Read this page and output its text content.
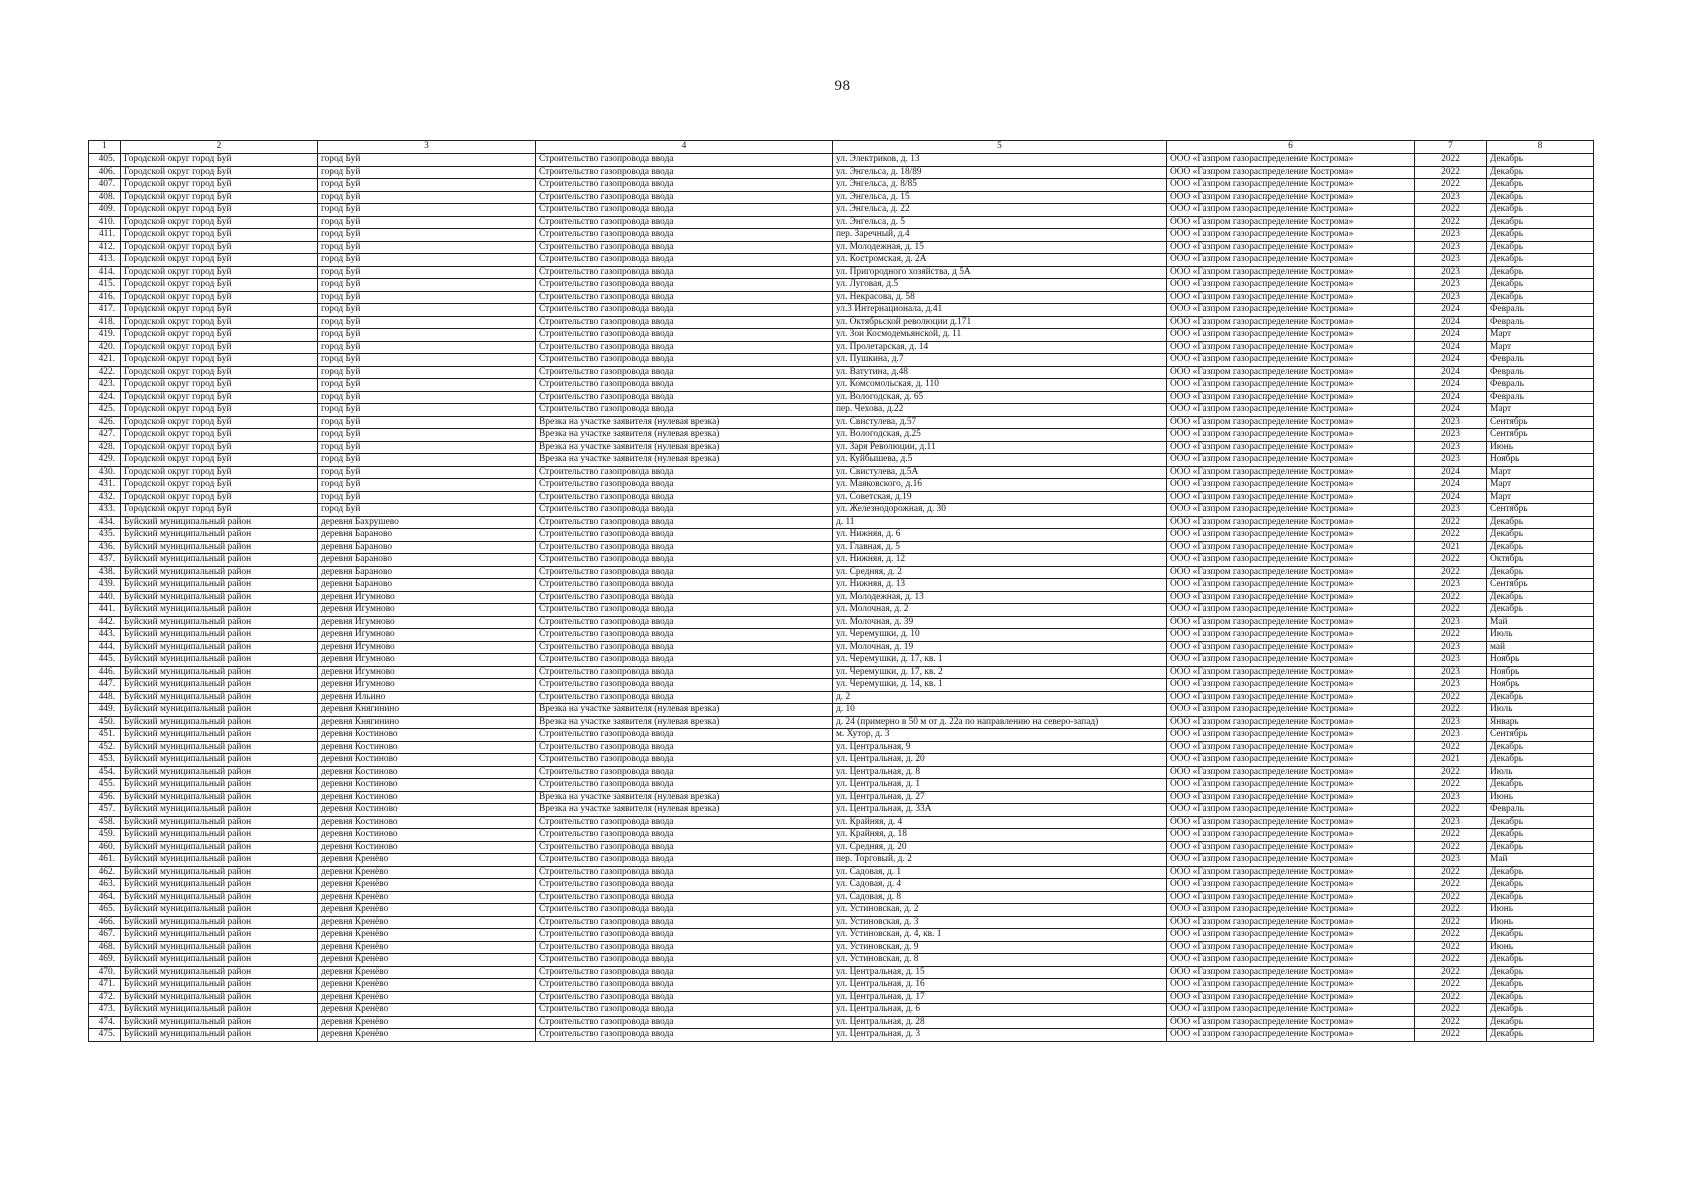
98
1	2	3	4	5	6	7	8
405.	Городской округ город Буй	город Буй	Строительство газопровода ввода	ул. Электриков, д. 13	ООО «Газпром газораспределение Кострома»	2022	Декабрь
406.	Городской округ город Буй	город Буй	Строительство газопровода ввода	ул. Энгельса, д. 18/89	ООО «Газпром газораспределение Кострома»	2022	Декабрь
407.	Городской округ город Буй	город Буй	Строительство газопровода ввода	ул. Энгельса, д. 8/85	ООО «Газпром газораспределение Кострома»	2022	Декабрь
408.	Городской округ город Буй	город Буй	Строительство газопровода ввода	ул. Энгельса, д. 15	ООО «Газпром газораспределение Кострома»	2023	Декабрь
409.	Городской округ город Буй	город Буй	Строительство газопровода ввода	ул. Энгельса, д. 22	ООО «Газпром газораспределение Кострома»	2022	Декабрь
410.	Городской округ город Буй	город Буй	Строительство газопровода ввода	ул. Энгельса, д. 5	ООО «Газпром газораспределение Кострома»	2022	Декабрь
411.	Городской округ город Буй	город Буй	Строительство газопровода ввода	пер. Заречный, д.4	ООО «Газпром газораспределение Кострома»	2023	Декабрь
412.	Городской округ город Буй	город Буй	Строительство газопровода ввода	ул. Молодежная, д. 15	ООО «Газпром газораспределение Кострома»	2023	Декабрь
413.	Городской округ город Буй	город Буй	Строительство газопровода ввода	ул. Костромская, д. 2А	ООО «Газпром газораспределение Кострома»	2023	Декабрь
414.	Городской округ город Буй	город Буй	Строительство газопровода ввода	ул. Пригородного хозяйства, д 5А	ООО «Газпром газораспределение Кострома»	2023	Декабрь
415.	Городской округ город Буй	город Буй	Строительство газопровода ввода	ул. Луговая, д.5	ООО «Газпром газораспределение Кострома»	2023	Декабрь
416.	Городской округ город Буй	город Буй	Строительство газопровода ввода	ул. Некрасова, д. 58	ООО «Газпром газораспределение Кострома»	2023	Декабрь
417.	Городской округ город Буй	город Буй	Строительство газопровода ввода	ул.3 Интернационала, д.41	ООО «Газпром газораспределение Кострома»	2024	Февраль
418.	Городской округ город Буй	город Буй	Строительство газопровода ввода	ул. Октябрьской революции д.171	ООО «Газпром газораспределение Кострома»	2024	Февраль
419.	Городской округ город Буй	город Буй	Строительство газопровода ввода	ул. Зои Космодемьянской, д. 11	ООО «Газпром газораспределение Кострома»	2024	Март
420.	Городской округ город Буй	город Буй	Строительство газопровода ввода	ул. Пролетарская, д. 14	ООО «Газпром газораспределение Кострома»	2024	Март
421.	Городской округ город Буй	город Буй	Строительство газопровода ввода	ул. Пушкина, д.7	ООО «Газпром газораспределение Кострома»	2024	Февраль
422.	Городской округ город Буй	город Буй	Строительство газопровода ввода	ул. Ватутина, д.48	ООО «Газпром газораспределение Кострома»	2024	Февраль
423.	Городской округ город Буй	город Буй	Строительство газопровода ввода	ул. Комсомольская, д. 110	ООО «Газпром газораспределение Кострома»	2024	Февраль
424.	Городской округ город Буй	город Буй	Строительство газопровода ввода	ул. Вологодская, д. 65	ООО «Газпром газораспределение Кострома»	2024	Февраль
425.	Городской округ город Буй	город Буй	Строительство газопровода ввода	пер. Чехова, д.22	ООО «Газпром газораспределение Кострома»	2024	Март
426.	Городской округ город Буй	город Буй	Врезка на участке заявителя (нулевая врезка)	ул. Свистулева, д.57	ООО «Газпром газораспределение Кострома»	2023	Сентябрь
427.	Городской округ город Буй	город Буй	Врезка на участке заявителя (нулевая врезка)	ул. Вологодская, д.25	ООО «Газпром газораспределение Кострома»	2023	Сентябрь
428.	Городской округ город Буй	город Буй	Врезка на участке заявителя (нулевая врезка)	ул. Заря Революции, д.11	ООО «Газпром газораспределение Кострома»	2023	Июнь
429.	Городской округ город Буй	город Буй	Врезка на участке заявителя (нулевая врезка)	ул. Куйбышева, д.5	ООО «Газпром газораспределение Кострома»	2023	Ноябрь
430.	Городской округ город Буй	город Буй	Строительство газопровода ввода	ул. Свистулева, д.5А	ООО «Газпром газораспределение Кострома»	2024	Март
431.	Городской округ город Буй	город Буй	Строительство газопровода ввода	ул. Маяковского, д.16	ООО «Газпром газораспределение Кострома»	2024	Март
432.	Городской округ город Буй	город Буй	Строительство газопровода ввода	ул. Советская, д.19	ООО «Газпром газораспределение Кострома»	2024	Март
433.	Городской округ город Буй	город Буй	Строительство газопровода ввода	ул. Железнодорожная, д. 30	ООО «Газпром газораспределение Кострома»	2023	Сентябрь
434.	Буйский муниципальный район	деревня Бахрушево	Строительство газопровода ввода	д. 11	ООО «Газпром газораспределение Кострома»	2022	Декабрь
435.	Буйский муниципальный район	деревня Бараново	Строительство газопровода ввода	ул. Нижняя, д. 6	ООО «Газпром газораспределение Кострома»	2022	Декабрь
436.	Буйский муниципальный район	деревня Бараново	Строительство газопровода ввода	ул. Главная, д. 5	ООО «Газпром газораспределение Кострома»	2021	Декабрь
437.	Буйский муниципальный район	деревня Бараново	Строительство газопровода ввода	ул. Нижняя, д. 12	ООО «Газпром газораспределение Кострома»	2022	Октябрь
438.	Буйский муниципальный район	деревня Бараново	Строительство газопровода ввода	ул. Средняя, д. 2	ООО «Газпром газораспределение Кострома»	2022	Декабрь
439.	Буйский муниципальный район	деревня Бараново	Строительство газопровода ввода	ул. Нижняя, д. 13	ООО «Газпром газораспределение Кострома»	2023	Сентябрь
440.	Буйский муниципальный район	деревня Игумново	Строительство газопровода ввода	ул. Молодежная, д. 13	ООО «Газпром газораспределение Кострома»	2022	Декабрь
441.	Буйский муниципальный район	деревня Игумново	Строительство газопровода ввода	ул. Молочная, д. 2	ООО «Газпром газораспределение Кострома»	2022	Декабрь
442.	Буйский муниципальный район	деревня Игумново	Строительство газопровода ввода	ул. Молочная, д. 39	ООО «Газпром газораспределение Кострома»	2023	Май
443.	Буйский муниципальный район	деревня Игумново	Строительство газопровода ввода	ул. Черемушки, д. 10	ООО «Газпром газораспределение Кострома»	2022	Июль
444.	Буйский муниципальный район	деревня Игумново	Строительство газопровода ввода	ул. Молочная, д. 19	ООО «Газпром газораспределение Кострома»	2023	май
445.	Буйский муниципальный район	деревня Игумново	Строительство газопровода ввода	ул. Черемушки, д. 17, кв. 1	ООО «Газпром газораспределение Кострома»	2023	Ноябрь
446.	Буйский муниципальный район	деревня Игумново	Строительство газопровода ввода	ул. Черемушки, д. 17, кв. 2	ООО «Газпром газораспределение Кострома»	2023	Ноябрь
447.	Буйский муниципальный район	деревня Игумново	Строительство газопровода ввода	ул. Черемушки, д. 14, кв. 1	ООО «Газпром газораспределение Кострома»	2023	Ноябрь
448.	Буйский муниципальный район	деревня Ильино	Строительство газопровода ввода	д. 2	ООО «Газпром газораспределение Кострома»	2022	Декабрь
449.	Буйский муниципальный район	деревня Княгинино	Врезка на участке заявителя (нулевая врезка)	д. 10	ООО «Газпром газораспределение Кострома»	2022	Июль
450.	Буйский муниципальный район	деревня Княгинино	Врезка на участке заявителя (нулевая врезка)	д. 24 (примерно в 50 м от д. 22а по направлению на северо-запад)	ООО «Газпром газораспределение Кострома»	2023	Январь
451.	Буйский муниципальный район	деревня Костиново	Строительство газопровода ввода	м. Хутор, д. 3	ООО «Газпром газораспределение Кострома»	2023	Сентябрь
452.	Буйский муниципальный район	деревня Костиново	Строительство газопровода ввода	ул. Центральная, 9	ООО «Газпром газораспределение Кострома»	2022	Декабрь
453.	Буйский муниципальный район	деревня Костиново	Строительство газопровода ввода	ул. Центральная, д. 20	ООО «Газпром газораспределение Кострома»	2021	Декабрь
454.	Буйский муниципальный район	деревня Костиново	Строительство газопровода ввода	ул. Центральная, д. 8	ООО «Газпром газораспределение Кострома»	2022	Июль
455.	Буйский муниципальный район	деревня Костиново	Строительство газопровода ввода	ул. Центральная, д. 1	ООО «Газпром газораспределение Кострома»	2022	Декабрь
456.	Буйский муниципальный район	деревня Костиново	Врезка на участке заявителя (нулевая врезка)	ул. Центральная, д. 27	ООО «Газпром газораспределение Кострома»	2023	Июнь
457.	Буйский муниципальный район	деревня Костиново	Врезка на участке заявителя (нулевая врезка)	ул. Центральная, д. 33А	ООО «Газпром газораспределение Кострома»	2022	Февраль
458.	Буйский муниципальный район	деревня Костиново	Строительство газопровода ввода	ул. Крайняя, д. 4	ООО «Газпром газораспределение Кострома»	2023	Декабрь
459.	Буйский муниципальный район	деревня Костиново	Строительство газопровода ввода	ул. Крайняя, д. 18	ООО «Газпром газораспределение Кострома»	2022	Декабрь
460.	Буйский муниципальный район	деревня Костиново	Строительство газопровода ввода	ул. Средняя, д. 20	ООО «Газпром газораспределение Кострома»	2022	Декабрь
461.	Буйский муниципальный район	деревня Кренёво	Строительство газопровода ввода	пер. Торговый, д. 2	ООО «Газпром газораспределение Кострома»	2023	Май
462.	Буйский муниципальный район	деревня Кренёво	Строительство газопровода ввода	ул. Садовая, д. 1	ООО «Газпром газораспределение Кострома»	2022	Декабрь
463.	Буйский муниципальный район	деревня Кренёво	Строительство газопровода ввода	ул. Садовая, д. 4	ООО «Газпром газораспределение Кострома»	2022	Декабрь
464.	Буйский муниципальный район	деревня Кренёво	Строительство газопровода ввода	ул. Садовая, д. 8	ООО «Газпром газораспределение Кострома»	2022	Декабрь
465.	Буйский муниципальный район	деревня Кренёво	Строительство газопровода ввода	ул. Устиновская, д. 2	ООО «Газпром газораспределение Кострома»	2022	Июнь
466.	Буйский муниципальный район	деревня Кренёво	Строительство газопровода ввода	ул. Устиновская, д. 3	ООО «Газпром газораспределение Кострома»	2022	Июнь
467.	Буйский муниципальный район	деревня Кренёво	Строительство газопровода ввода	ул. Устиновская, д. 4, кв. 1	ООО «Газпром газораспределение Кострома»	2022	Декабрь
468.	Буйский муниципальный район	деревня Кренёво	Строительство газопровода ввода	ул. Устиновская, д. 9	ООО «Газпром газораспределение Кострома»	2022	Июнь
469.	Буйский муниципальный район	деревня Кренёво	Строительство газопровода ввода	ул. Устиновская, д. 8	ООО «Газпром газораспределение Кострома»	2022	Декабрь
470.	Буйский муниципальный район	деревня Кренёво	Строительство газопровода ввода	ул. Центральная, д. 15	ООО «Газпром газораспределение Кострома»	2022	Декабрь
471.	Буйский муниципальный район	деревня Кренёво	Строительство газопровода ввода	ул. Центральная, д. 16	ООО «Газпром газораспределение Кострома»	2022	Декабрь
472.	Буйский муниципальный район	деревня Кренёво	Строительство газопровода ввода	ул. Центральная, д. 17	ООО «Газпром газораспределение Кострома»	2022	Декабрь
473.	Буйский муниципальный район	деревня Кренёво	Строительство газопровода ввода	ул. Центральная, д. 6	ООО «Газпром газораспределение Кострома»	2022	Декабрь
474.	Буйский муниципальный район	деревня Кренёво	Строительство газопровода ввода	ул. Центральная, д. 28	ООО «Газпром газораспределение Кострома»	2022	Декабрь
475.	Буйский муниципальный район	деревня Кренёво	Строительство газопровода ввода	ул. Центральная, д. 3	ООО «Газпром газораспределение Кострома»	2022	Декабрь
